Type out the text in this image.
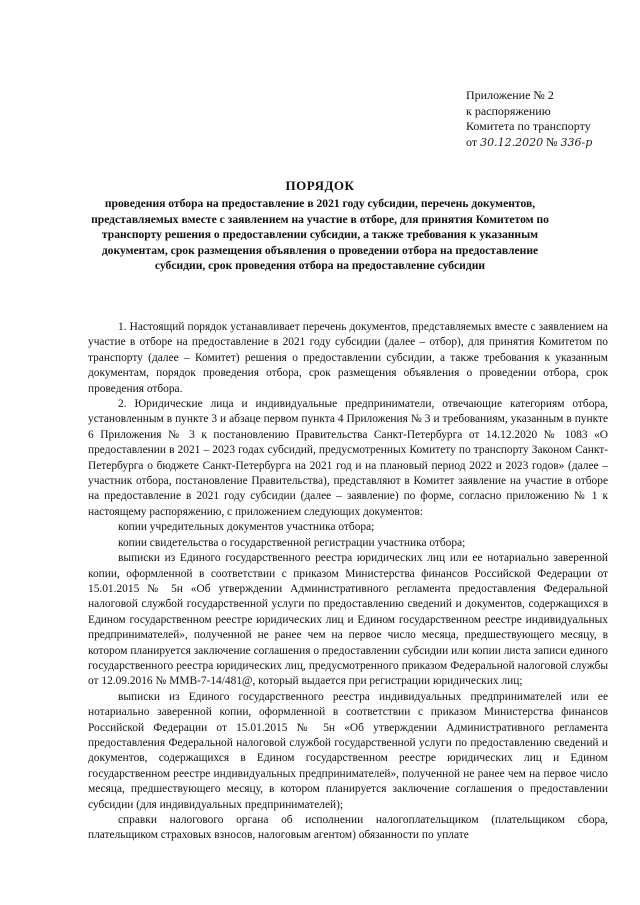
Приложение № 2
к распоряжению
Комитета по транспорту
от 30.12.2020 № 336-р
ПОРЯДОК
проведения отбора на предоставление в 2021 году субсидии, перечень документов, представляемых вместе с заявлением на участие в отборе, для принятия Комитетом по транспорту решения о предоставлении субсидии, а также требования к указанным документам, срок размещения объявления о проведении отбора на предоставление субсидии, срок проведения отбора на предоставление субсидии

1. Настоящий порядок устанавливает перечень документов, представляемых вместе с заявлением на участие в отборе на предоставление в 2021 году субсидии (далее – отбор), для принятия Комитетом по транспорту (далее – Комитет) решения о предоставлении субсидии, а также требования к указанным документам, порядок проведения отбора, срок размещения объявления о проведении отбора, срок проведения отбора.

2. Юридические лица и индивидуальные предприниматели, отвечающие категориям отбора, установленным в пункте 3 и абзаце первом пункта 4 Приложения № 3 и требованиям, указанным в пункте 6 Приложения № 3 к постановлению Правительства Санкт-Петербурга от 14.12.2020 № 1083 «О предоставлении в 2021 – 2023 годах субсидий, предусмотренных Комитету по транспорту Законом Санкт-Петербурга о бюджете Санкт-Петербурга на 2021 год и на плановый период 2022 и 2023 годов» (далее – участник отбора, постановление Правительства), представляют в Комитет заявление на участие в отборе на предоставление в 2021 году субсидии (далее – заявление) по форме, согласно приложению № 1 к настоящему распоряжению, с приложением следующих документов:

копии учредительных документов участника отбора;

копии свидетельства о государственной регистрации участника отбора;

выписки из Единого государственного реестра юридических лиц или ее нотариально заверенной копии, оформленной в соответствии с приказом Министерства финансов Российской Федерации от 15.01.2015 № 5н «Об утверждении Административного регламента предоставления Федеральной налоговой службой государственной услуги по предоставлению сведений и документов, содержащихся в Едином государственном реестре юридических лиц и Едином государственном реестре индивидуальных предпринимателей», полученной не ранее чем на первое число месяца, предшествующего месяцу, в котором планируется заключение соглашения о предоставлении субсидии или копии листа записи единого государственного реестра юридических лиц, предусмотренного приказом Федеральной налоговой службы от 12.09.2016 № ММВ-7-14/481@, который выдается при регистрации юридических лиц;

выписки из Единого государственного реестра индивидуальных предпринимателей или ее нотариально заверенной копии, оформленной в соответствии с приказом Министерства финансов Российской Федерации от 15.01.2015 № 5н «Об утверждении Административного регламента предоставления Федеральной налоговой службой государственной услуги по предоставлению сведений и документов, содержащихся в Едином государственном реестре юридических лиц и Едином государственном реестре индивидуальных предпринимателей», полученной не ранее чем на первое число месяца, предшествующего месяцу, в котором планируется заключение соглашения о предоставлении субсидии (для индивидуальных предпринимателей);

справки налогового органа об исполнении налогоплательщиком (плательщиком сбора, плательщиком страховых взносов, налоговым агентом) обязанности по уплате
